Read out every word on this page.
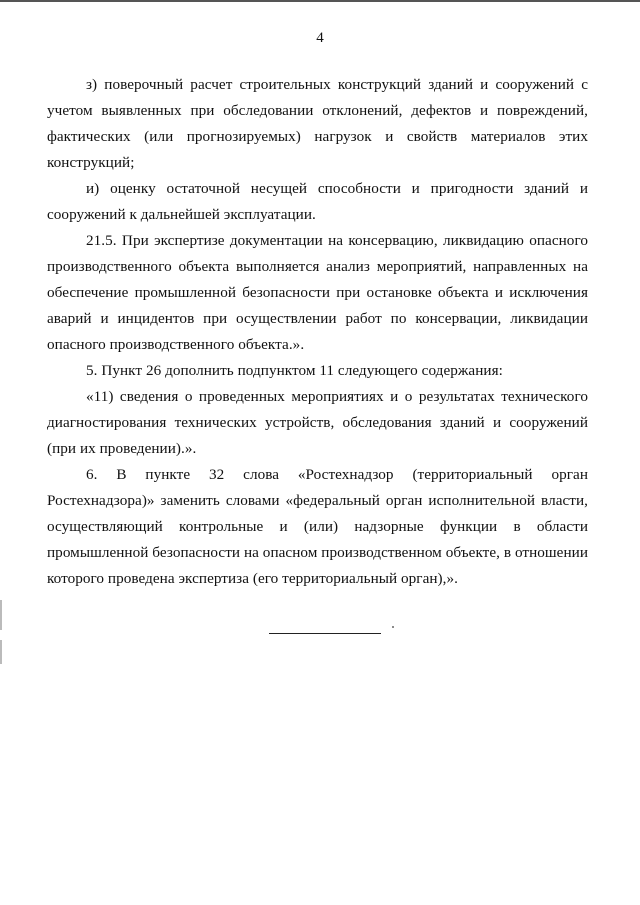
4

з) поверочный расчет строительных конструкций зданий и сооружений с учетом выявленных при обследовании отклонений, дефектов и повреждений, фактических (или прогнозируемых) нагрузок и свойств материалов этих конструкций;

и) оценку остаточной несущей способности и пригодности зданий и сооружений к дальнейшей эксплуатации.

21.5. При экспертизе документации на консервацию, ликвидацию опасного производственного объекта выполняется анализ мероприятий, направленных на обеспечение промышленной безопасности при остановке объекта и исключения аварий и инцидентов при осуществлении работ по консервации, ликвидации опасного производственного объекта.».

5. Пункт 26 дополнить подпунктом 11 следующего содержания:

«11) сведения о проведенных мероприятиях и о результатах технического диагностирования технических устройств, обследования зданий и сооружений (при их проведении).».

6. В пункте 32 слова «Ростехнадзор (территориальный орган Ростехнадзора)» заменить словами «федеральный орган исполнительной власти, осуществляющий контрольные и (или) надзорные функции в области промышленной безопасности на опасном производственном объекте, в отношении которого проведена экспертиза (его территориальный орган),».
